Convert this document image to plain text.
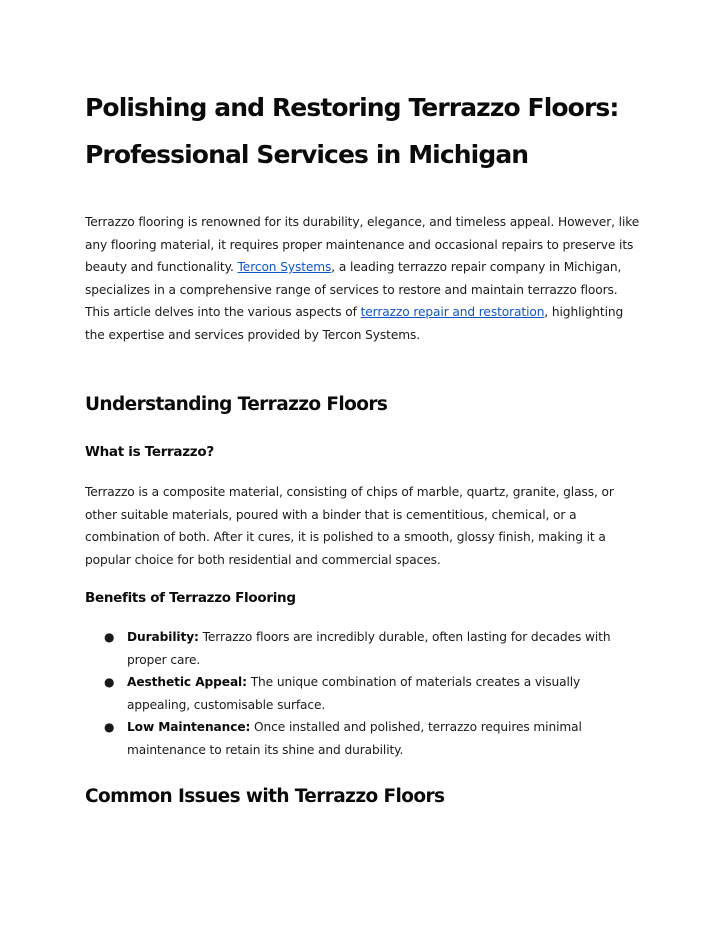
Polishing and Restoring Terrazzo Floors: Professional Services in Michigan

Terrazzo flooring is renowned for its durability, elegance, and timeless appeal. However, like any flooring material, it requires proper maintenance and occasional repairs to preserve its beauty and functionality. Tercon Systems, a leading terrazzo repair company in Michigan, specializes in a comprehensive range of services to restore and maintain terrazzo floors. This article delves into the various aspects of terrazzo repair and restoration, highlighting the expertise and services provided by Tercon Systems.

Understanding Terrazzo Floors
What is Terrazzo?

Terrazzo is a composite material, consisting of chips of marble, quartz, granite, glass, or other suitable materials, poured with a binder that is cementitious, chemical, or a combination of both. After it cures, it is polished to a smooth, glossy finish, making it a popular choice for both residential and commercial spaces.

Benefits of Terrazzo Flooring
● Durability: Terrazzo floors are incredibly durable, often lasting for decades with proper care.
● Aesthetic Appeal: The unique combination of materials creates a visually appealing, customisable surface.
● Low Maintenance: Once installed and polished, terrazzo requires minimal maintenance to retain its shine and durability.
Common Issues with Terrazzo Floors
